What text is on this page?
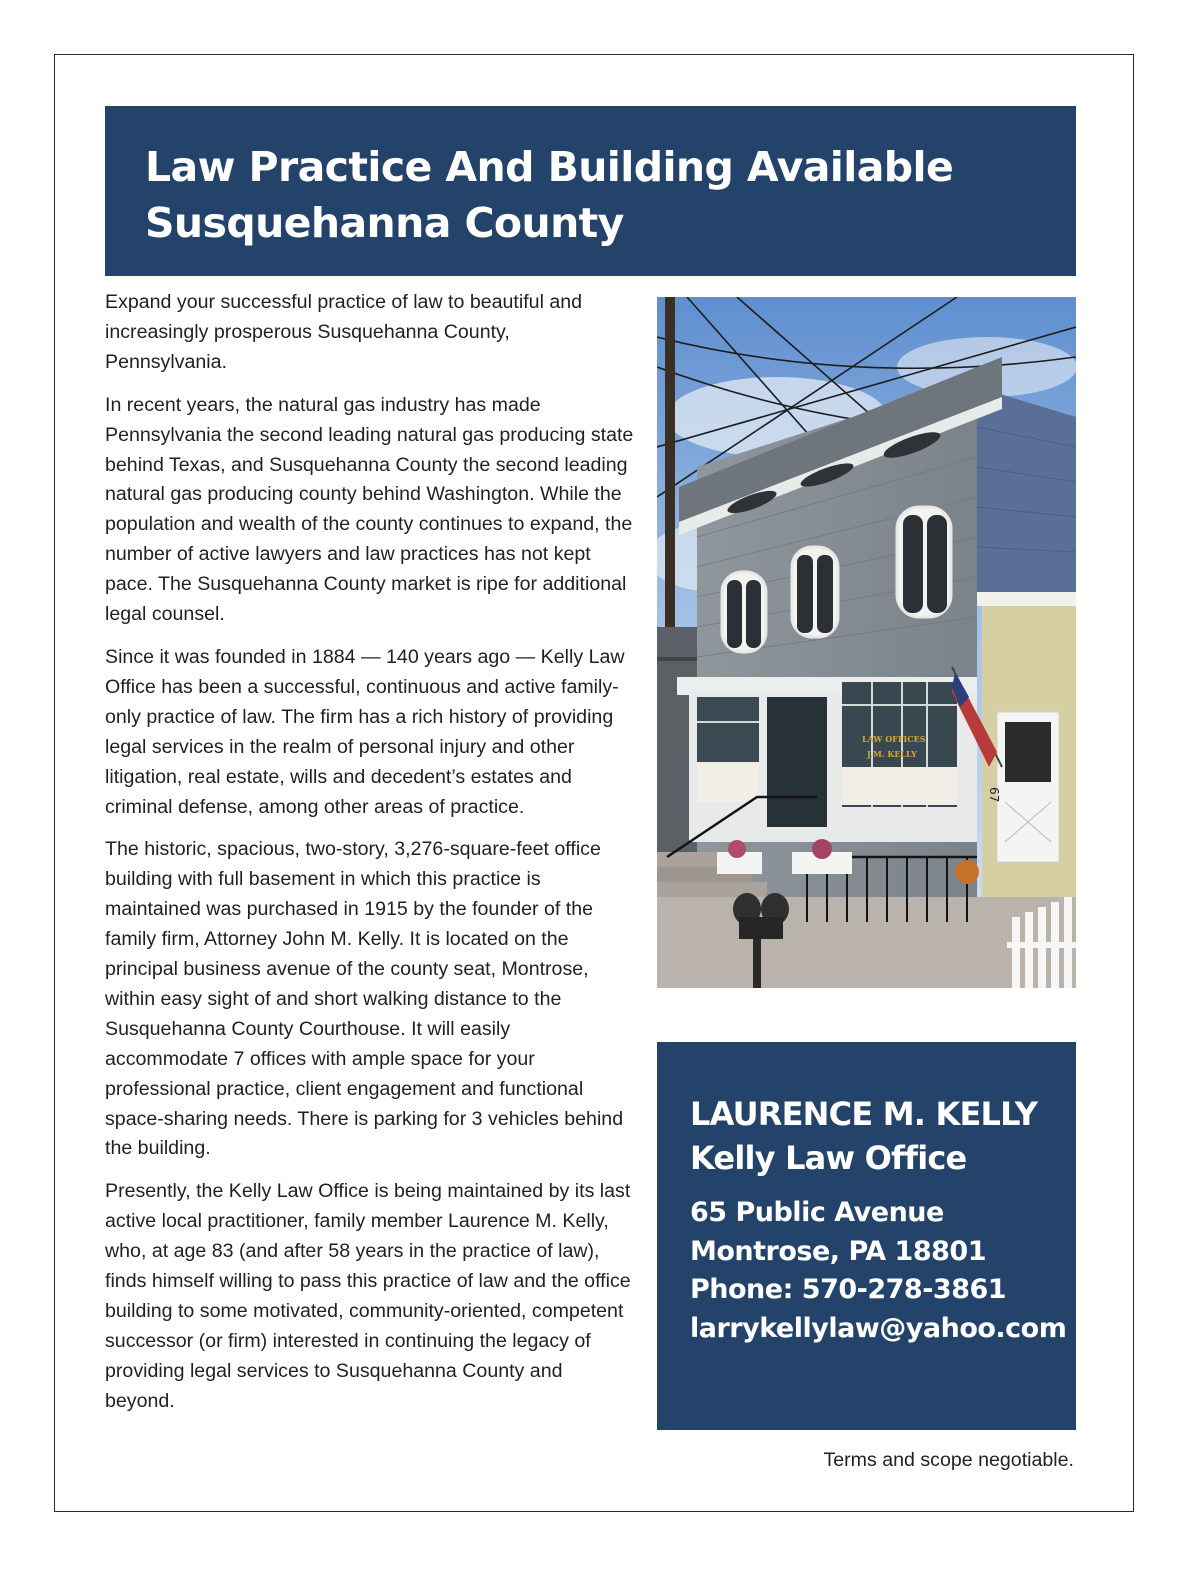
Law Practice And Building Available
Susquehanna County

Expand your successful practice of law to beautiful and increasingly prosperous Susquehanna County, Pennsylvania.

In recent years, the natural gas industry has made Pennsylvania the second leading natural gas producing state behind Texas, and Susquehanna County the second leading natural gas producing county behind Washington. While the population and wealth of the county continues to expand, the number of active lawyers and law practices has not kept pace. The Susquehanna County market is ripe for additional legal counsel.

Since it was founded in 1884 — 140 years ago — Kelly Law Office has been a successful, continuous and active family-only practice of law. The firm has a rich history of providing legal services in the realm of personal injury and other litigation, real estate, wills and decedent’s estates and criminal defense, among other areas of practice.

The historic, spacious, two-story, 3,276-square-feet office building with full basement in which this practice is maintained was purchased in 1915 by the founder of the family firm, Attorney John M. Kelly. It is located on the principal business avenue of the county seat, Montrose, within easy sight of and short walking distance to the Susquehanna County Courthouse. It will easily accommodate 7 offices with ample space for your professional practice, client engagement and functional space-sharing needs. There is parking for 3 vehicles behind the building.

Presently, the Kelly Law Office is being maintained by its last active local practitioner, family member Laurence M. Kelly, who, at age 83 (and after 58 years in the practice of law), finds himself willing to pass this practice of law and the office building to some motivated, community-oriented, competent successor (or firm) interested in continuing the legacy of providing legal services to Susquehanna County and beyond.

67
LAW OFFICES
J.M. KELLY
LAURENCE M. KELLY
Kelly Law Office
65 Public Avenue
Montrose, PA 18801
Phone: 570-278-3861
larrykellylaw@yahoo.com
Terms and scope negotiable.
